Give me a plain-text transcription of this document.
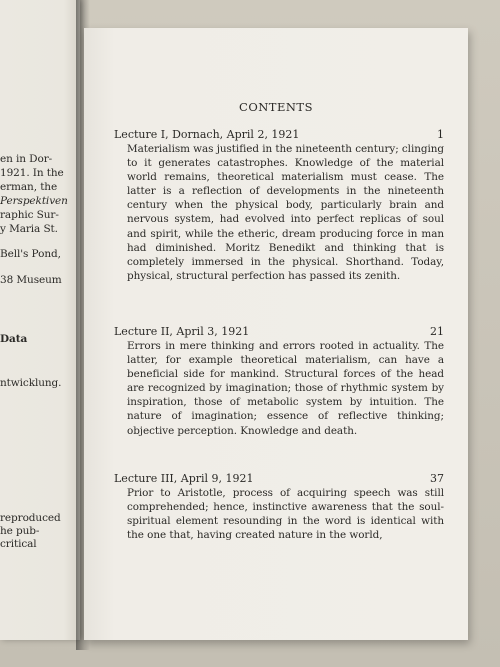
en in Dor-
1921. In the
erman, the
Perspektiven
raphic Sur-
y Maria St.
Bell's Pond,
38 Museum
Data
ntwicklung.
reproduced
he pub-
critical
CONTENTS
Lecture I, Dornach, April 2, 1921	1
Materialism was justified in the nineteenth century; clinging to it generates catastrophes. Knowledge of the material world remains, theoretical materialism must cease. The latter is a reflection of developments in the nineteenth century when the physical body, particularly brain and nervous system, had evolved into perfect replicas of soul and spirit, while the etheric, dream producing force in man had diminished. Moritz Benedikt and thinking that is completely immersed in the physical. Shorthand. Today, physical, structural perfection has passed its zenith.
Lecture II, April 3, 1921	21
Errors in mere thinking and errors rooted in actuality. The latter, for example theoretical materialism, can have a beneficial side for mankind. Structural forces of the head are recognized by imagination; those of rhythmic system by inspiration, those of metabolic system by intuition. The nature of imagination; essence of reflective thinking; objective perception. Knowledge and death.
Lecture III, April 9, 1921	37
Prior to Aristotle, process of acquiring speech was still comprehended; hence, instinctive awareness that the soul-spiritual element resounding in the word is identical with the one that, having created nature in the world,
